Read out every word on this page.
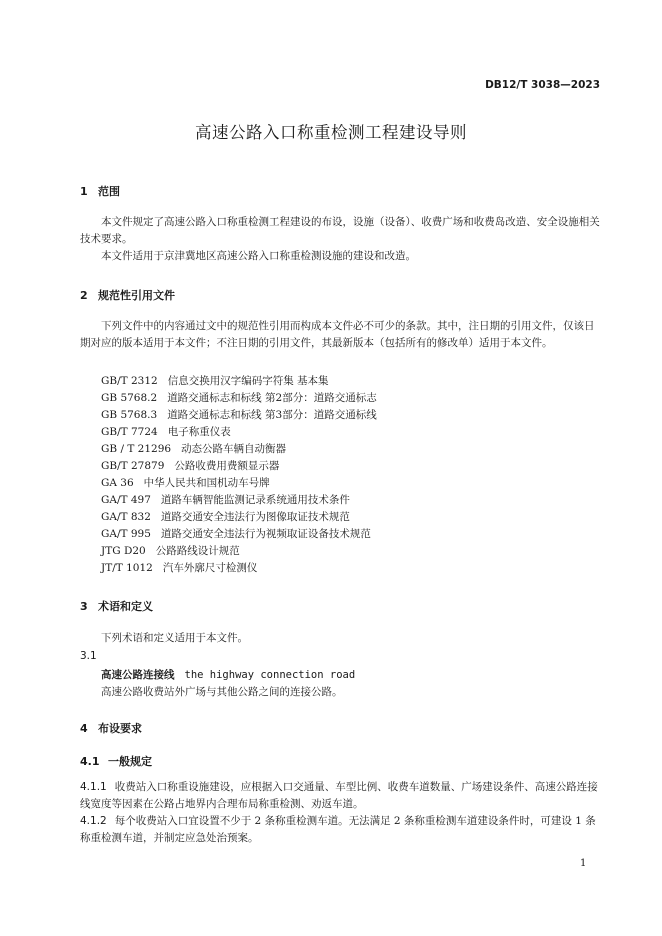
DB12/T 3038—2023
高速公路入口称重检测工程建设导则
1 范围
本文件规定了高速公路入口称重检测工程建设的布设，设施（设备）、收费广场和收费岛改造、安全设施相关技术要求。
本文件适用于京津冀地区高速公路入口称重检测设施的建设和改造。
2 规范性引用文件
下列文件中的内容通过文中的规范性引用而构成本文件必不可少的条款。其中，注日期的引用文件，仅该日期对应的版本适用于本文件；不注日期的引用文件，其最新版本（包括所有的修改单）适用于本文件。
GB/T 2312 信息交换用汉字编码字符集 基本集
GB 5768.2 道路交通标志和标线 第2部分：道路交通标志
GB 5768.3 道路交通标志和标线 第3部分：道路交通标线
GB/T 7724 电子称重仪表
GB / T 21296 动态公路车辆自动衡器
GB/T 27879 公路收费用费额显示器
GA 36 中华人民共和国机动车号牌
GA/T 497 道路车辆智能监测记录系统通用技术条件
GA/T 832 道路交通安全违法行为图像取证技术规范
GA/T 995 道路交通安全违法行为视频取证设备技术规范
JTG D20 公路路线设计规范
JT/T 1012 汽车外廓尺寸检测仪
3 术语和定义
下列术语和定义适用于本文件。
3.1
高速公路连接线 the highway connection road
高速公路收费站外广场与其他公路之间的连接公路。
4 布设要求
4.1 一般规定
4.1.1 收费站入口称重设施建设，应根据入口交通量、车型比例、收费车道数量、广场建设条件、高速公路连接线宽度等因素在公路占地界内合理布局称重检测、劝返车道。
4.1.2 每个收费站入口宜设置不少于 2 条称重检测车道。无法满足 2 条称重检测车道建设条件时，可建设 1 条称重检测车道，并制定应急处治预案。
1
